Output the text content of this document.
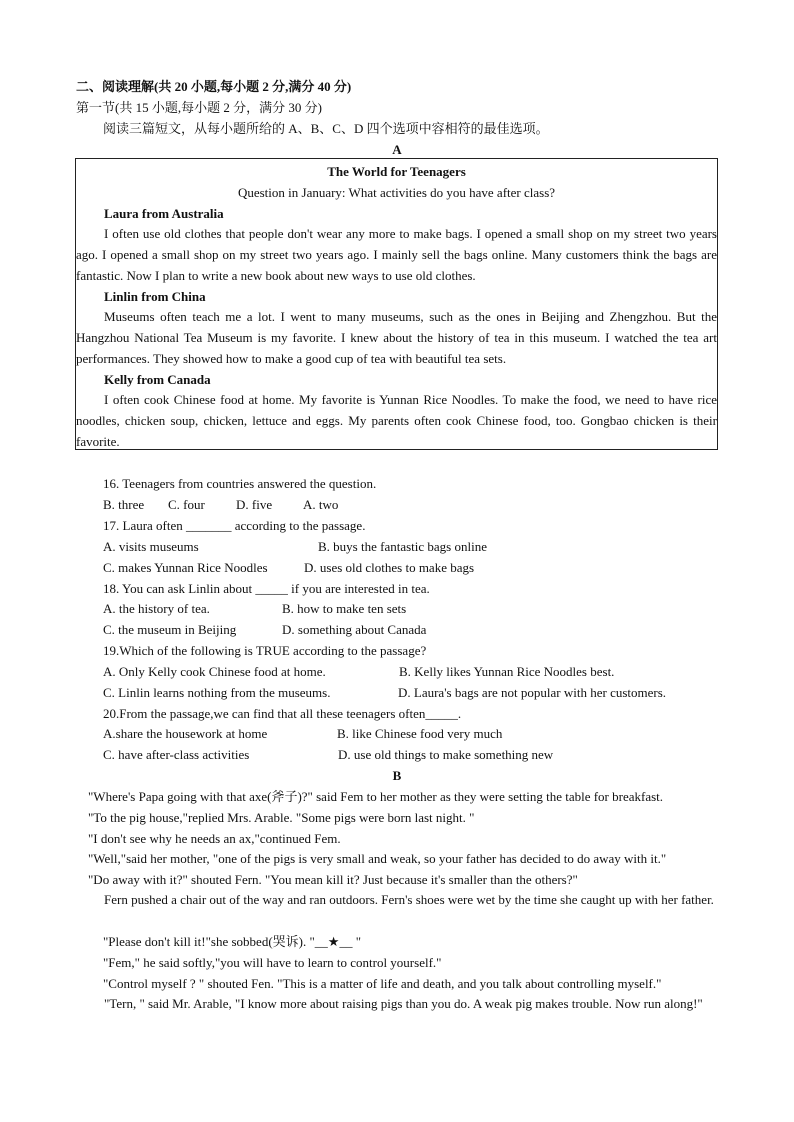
二、阅读理解(共 20 小题,每小题 2 分,满分 40 分)
第一节(共 15 小题,每小题 2 分，满分 30 分)
阅读三篇短文，从每小题所给的 A、B、C、D 四个选项中容相符的最佳选项。
A
The World for Teenagers
Question in January: What activities do you have after class?
Laura from Australia
I often use old clothes that people don't wear any more to make bags. I opened a small shop on my street two years ago. I opened a small shop on my street two years ago. I mainly sell the bags online. Many customers think the bags are fantastic. Now I plan to write a new book about new ways to use old clothes.
Linlin from China
Museums often teach me a lot. I went to many museums, such as the ones in Beijing and Zhengzhou. But the Hangzhou National Tea Museum is my favorite. I knew about the history of tea in this museum. I watched the tea art performances. They showed how to make a good cup of tea with beautiful tea sets.
Kelly from Canada
I often cook Chinese food at home. My favorite is Yunnan Rice Noodles. To make the food, we need to have rice noodles, chicken soup, chicken, lettuce and eggs. My parents often cook Chinese food, too. Gongbao chicken is their favorite.
16. Teenagers from countries answered the question.
B. three C. four D. five A. two
17. Laura often _______ according to the passage.
A. visits museums	B. buys the fantastic bags online
C. makes Yunnan Rice Noodles	D. uses old clothes to make bags
18. You can ask Linlin about _____ if you are interested in tea.
A. the history of tea.	B. how to make ten sets
C. the museum in Beijing	D. something about Canada
19.Which of the following is TRUE according to the passage?
A. Only Kelly cook Chinese food at home.	B. Kelly likes Yunnan Rice Noodles best.
C. Linlin learns nothing from the museums.	D. Laura's bags are not popular with her customers.
20.From the passage,we can find that all these teenagers often_____.
A.share the housework at home	B. like Chinese food very much
C. have after-class activities	D. use old things to make something new
B
"Where's Papa going with that axe(斧子)?" said Fem to her mother as they were setting the table for breakfast.
"To the pig house,"replied Mrs. Arable. "Some pigs were born last night. "
"I don't see why he needs an ax,"continued Fem.
"Well,"said her mother, "one of the pigs is very small and weak, so your father has decided to do away with it."
"Do away with it?" shouted Fern. "You mean kill it? Just because it's smaller than the others?"
Fern pushed a chair out of the way and ran outdoors. Fern's shoes were wet by the time she caught up with her father.
"Please don't kill it!"she sobbed(哭诉). "__★__ "
"Fem," he said softly,"you will have to learn to control yourself."
"Control myself ? " shouted Fen. "This is a matter of life and death, and you talk about controlling myself."
"Tern, " said Mr. Arable, "I know more about raising pigs than you do. A weak pig makes trouble. Now run along!"
